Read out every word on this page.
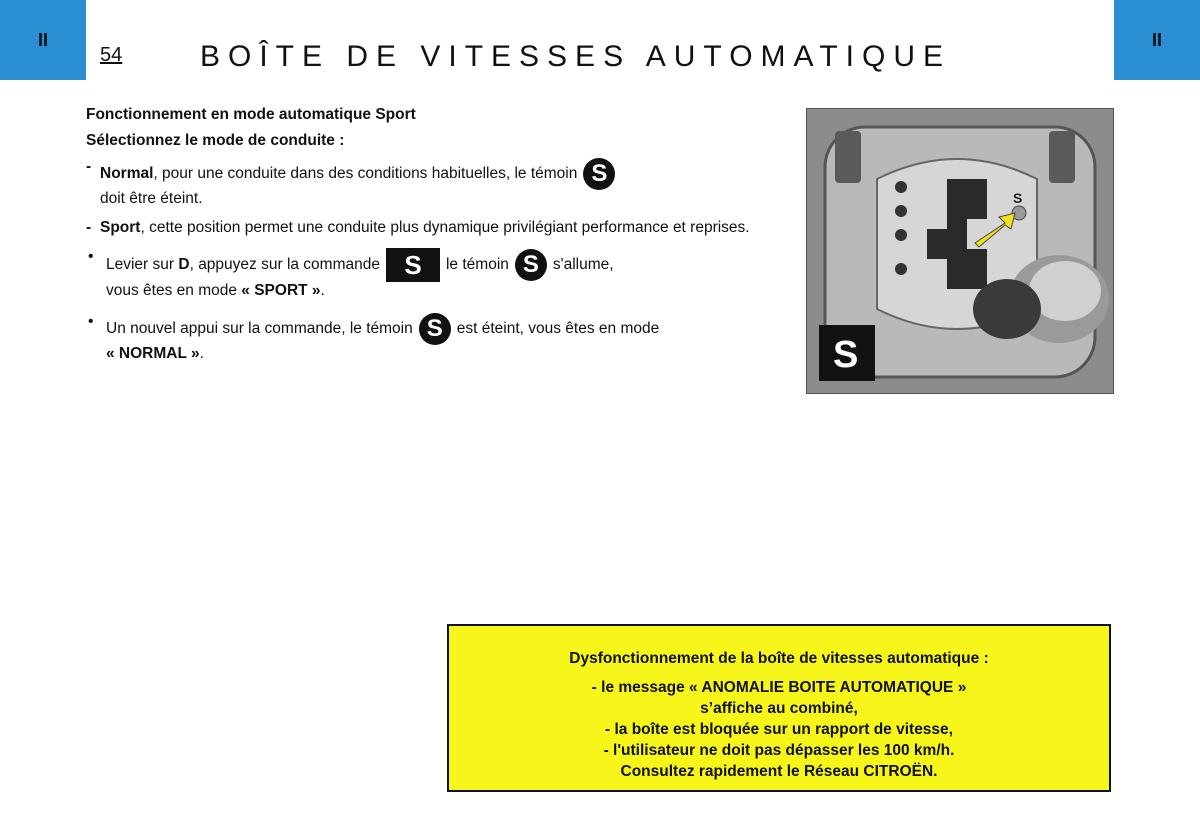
II	II
54	BOÎTE DE VITESSES AUTOMATIQUE

Fonctionnement en mode automatique Sport

Sélectionnez le mode de conduite :

- Normal, pour une conduite dans des conditions habituelles, le témoin S
doit être éteint.
- Sport, cette position permet une conduite plus dynamique privilégiant performance et reprises.
• Levier sur D, appuyez sur la commande S le témoin S s'allume,
vous êtes en mode « SPORT ».
• Un nouvel appui sur la commande, le témoin S est éteint, vous êtes en mode
« NORMAL ».
S
S
Dysfonctionnement de la boîte de vitesses automatique :
- le message « ANOMALIE BOITE AUTOMATIQUE »
s’affiche au combiné,
- la boîte est bloquée sur un rapport de vitesse,
- l'utilisateur ne doit pas dépasser les 100 km/h.
Consultez rapidement le Réseau CITROËN.
